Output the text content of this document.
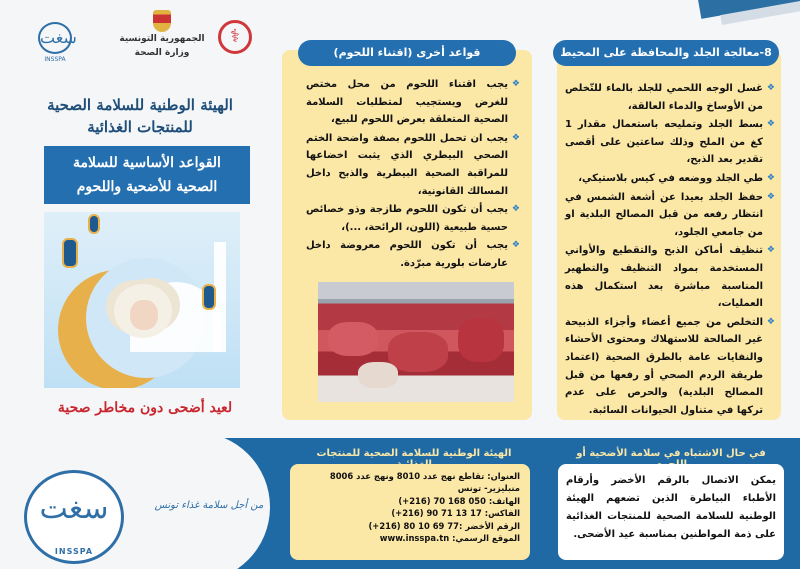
سغت
INSSPA
الجمهورية التونسية
وزارة الصحة
⚕
الهيئة الوطنية للسلامة الصحية
للمنتجات الغذائية
القواعد الأساسية للسلامة
الصحية للأضحية واللحوم
لعيد أضحى دون مخاطر صحية
قواعد أخرى (اقتناء اللحوم)
❖ يجب اقتناء اللحوم من محل مختص للغرض ويستجيب لمتطلبات السلامة الصحية المتعلقة بعرض اللحوم للبيع،
❖ يجب ان تحمل اللحوم بصفة واضحة الختم الصحي البيطري الذي يثبت اخضاعها للمراقبة الصحية البيطرية والذبح داخل المسالك القانونية،
❖ يجب أن تكون اللحوم طازجة وذو خصائص حسية طبيعية (اللون، الرائحة، ...)،
❖ يجب أن تكون اللحوم معروضة داخل عارضات بلورية مبرّدة.
8-معالجة الجلد والمحافظة على المحيط
❖ غسل الوجه اللحمي للجلد بالماء للتّخلص من الأوساخ والدماء العالقة،
❖ بسط الجلد وتمليحه باستعمال مقدار 1 كغ من الملح وذلك ساعتين على أقصى تقدير بعد الذبح،
❖ طي الجلد ووضعه في كيس بلاستيكي،
❖ حفظ الجلد بعيدا عن أشعة الشمس في انتظار رفعه من قبل المصالح البلدية او من جامعي الجلود،
❖ تنظيف أماكن الذبح والتقطيع والأواني المستخدمة بمواد التنظيف والتطهير المناسبة مباشرة بعد استكمال هذه العمليات،
❖ التخلص من جميع أعضاء وأجزاء الذبيحة غير الصالحة للاستهلاك ومحتوى الأحشاء والنفايات عامة بالطرق الصحية (اعتماد طريقة الردم الصحي أو رفعها من قبل المصالح البلدية) والحرص على عدم تركها في متناول الحيوانات السائبة.
سغت
INSSPA
من أجل سلامة غذاء تونس
الهيئة الوطنية للسلامة الصحية للمنتجات	في حال الاشتباه في سلامة الأضحية أو
العنوان: تقاطع نهج عدد 8010 ونهج عدد 8006
منبليزير- تونس
الهاتف: 050 168 70 (216+)
الفاكس: 17 13 71 90 (216+)
الرقم الأخضر :77 69 10 80 (216+)
الموقع الرسمي: www.insspa.tn
يمكن الاتصال بالرقم الأخضر وأرقام الأطباء البياطرة الذين تضعهم الهيئة الوطنية للسلامة الصحية للمنتجات الغذائية على ذمة المواطنين بمناسبة عيد الأضحى.
